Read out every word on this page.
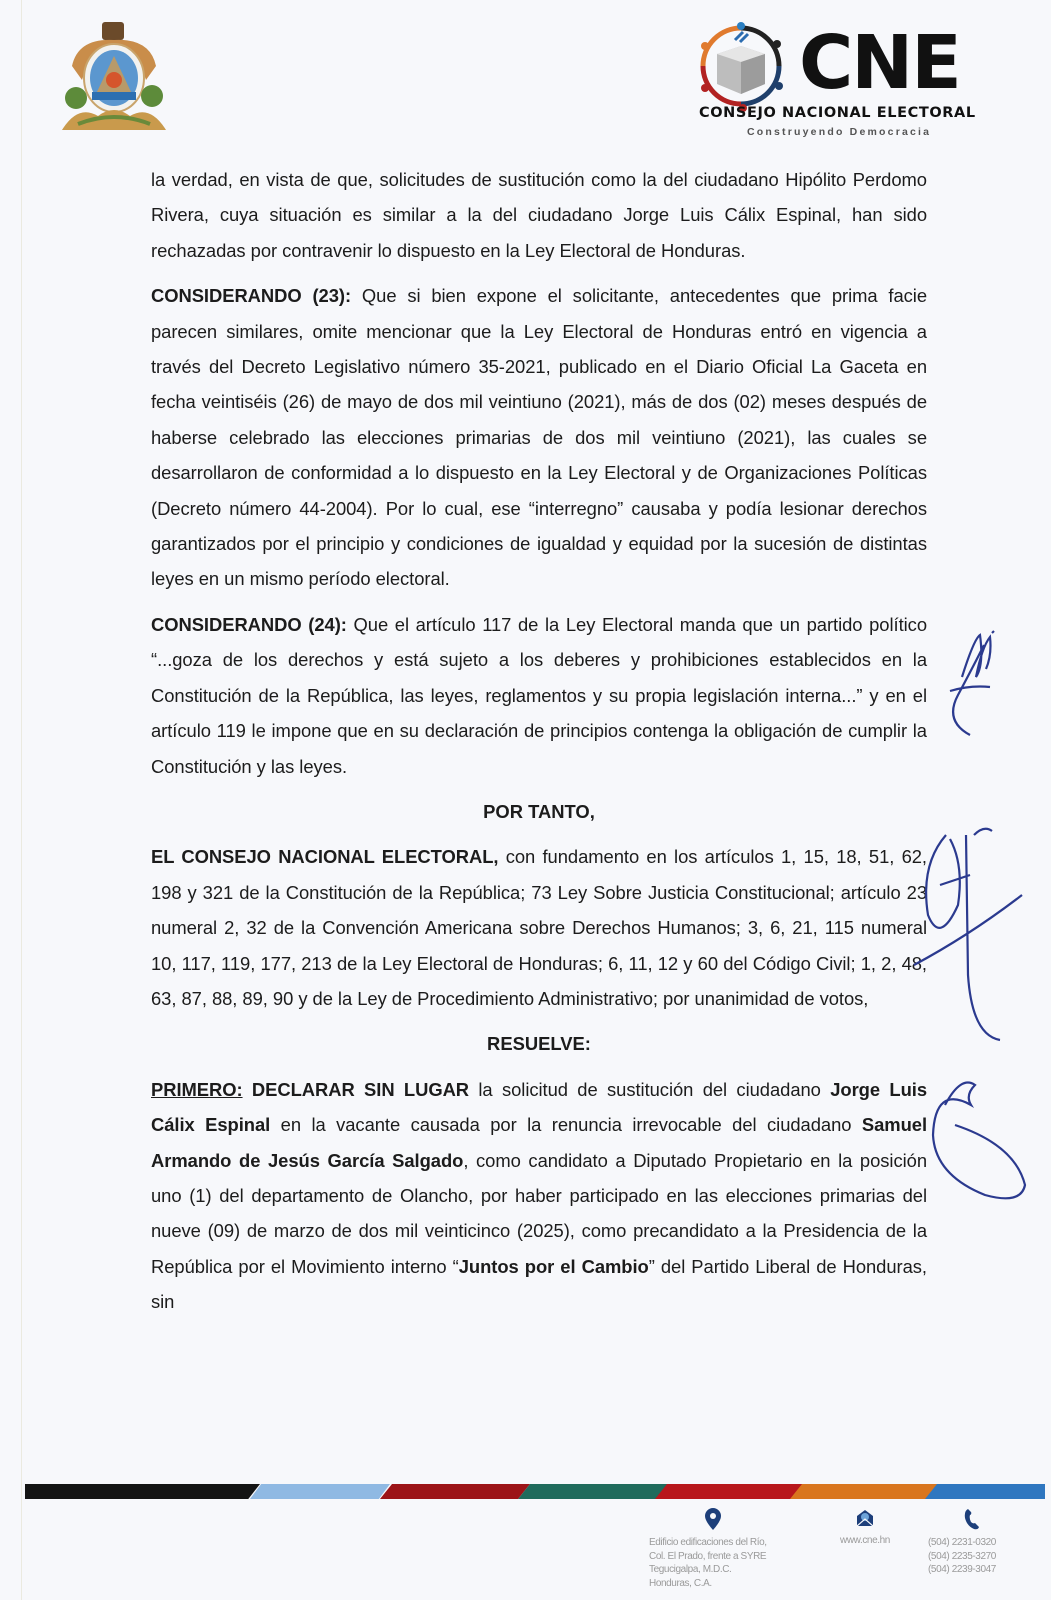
CNE
CONSEJO NACIONAL ELECTORAL
Construyendo Democracia

la verdad, en vista de que, solicitudes de sustitución como la del ciudadano Hipólito Perdomo Rivera, cuya situación es similar a la del ciudadano Jorge Luis Cálix Espinal, han sido rechazadas por contravenir lo dispuesto en la Ley Electoral de Honduras.

CONSIDERANDO (23): Que si bien expone el solicitante, antecedentes que prima facie parecen similares, omite mencionar que la Ley Electoral de Honduras entró en vigencia a través del Decreto Legislativo número 35-2021, publicado en el Diario Oficial La Gaceta en fecha veintiséis (26) de mayo de dos mil veintiuno (2021), más de dos (02) meses después de haberse celebrado las elecciones primarias de dos mil veintiuno (2021), las cuales se desarrollaron de conformidad a lo dispuesto en la Ley Electoral y de Organizaciones Políticas (Decreto número 44-2004). Por lo cual, ese “interregno” causaba y podía lesionar derechos garantizados por el principio y condiciones de igualdad y equidad por la sucesión de distintas leyes en un mismo período electoral.

CONSIDERANDO (24): Que el artículo 117 de la Ley Electoral manda que un partido político “...goza de los derechos y está sujeto a los deberes y prohibiciones establecidos en la Constitución de la República, las leyes, reglamentos y su propia legislación interna...” y en el artículo 119 le impone que en su declaración de principios contenga la obligación de cumplir la Constitución y las leyes.

POR TANTO,

EL CONSEJO NACIONAL ELECTORAL, con fundamento en los artículos 1, 15, 18, 51, 62, 198 y 321 de la Constitución de la República; 73 Ley Sobre Justicia Constitucional; artículo 23 numeral 2, 32 de la Convención Americana sobre Derechos Humanos; 3, 6, 21, 115 numeral 10, 117, 119, 177, 213 de la Ley Electoral de Honduras; 6, 11, 12 y 60 del Código Civil; 1, 2, 48, 63, 87, 88, 89, 90 y de la Ley de Procedimiento Administrativo; por unanimidad de votos,

RESUELVE:

PRIMERO: DECLARAR SIN LUGAR la solicitud de sustitución del ciudadano Jorge Luis Cálix Espinal en la vacante causada por la renuncia irrevocable del ciudadano Samuel Armando de Jesús García Salgado, como candidato a Diputado Propietario en la posición uno (1) del departamento de Olancho, por haber participado en las elecciones primarias del nueve (09) de marzo de dos mil veinticinco (2025), como precandidato a la Presidencia de la República por el Movimiento interno “Juntos por el Cambio” del Partido Liberal de Honduras, sin

Edificio edificaciones del Río,
Col. El Prado, frente a SYRE
Tegucigalpa, M.D.C.
Honduras, C.A.
www.cne.hn	(504) 2231-0320
(504) 2235-3270
(504) 2239-3047
